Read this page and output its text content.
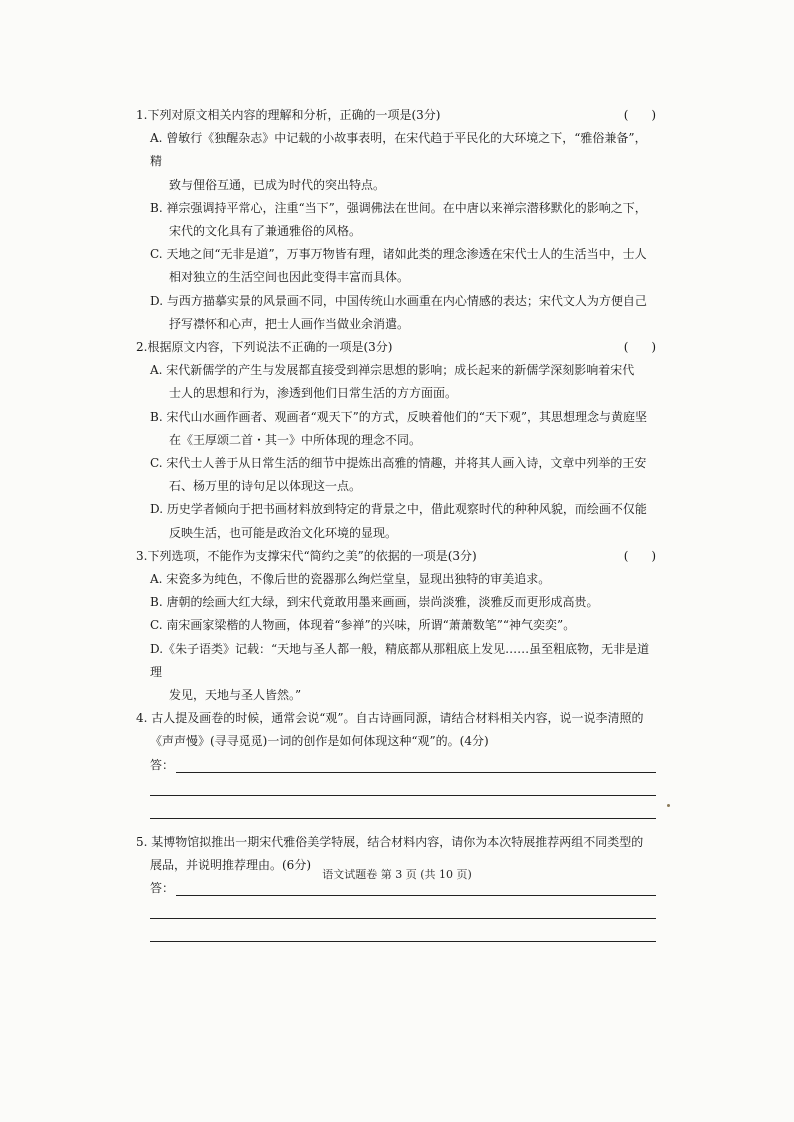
1.下列对原文相关内容的理解和分析，正确的一项是(3分)	(      )
A. 曾敏行《独醒杂志》中记载的小故事表明，在宋代趋于平民化的大环境之下，“雅俗兼备”，精
致与俚俗互通，已成为时代的突出特点。
B. 禅宗强调持平常心，注重“当下”，强调佛法在世间。在中唐以来禅宗潜移默化的影响之下，
宋代的文化具有了兼通雅俗的风格。
C. 天地之间“无非是道”，万事万物皆有理，诸如此类的理念渗透在宋代士人的生活当中，士人
相对独立的生活空间也因此变得丰富而具体。
D. 与西方描摹实景的风景画不同，中国传统山水画重在内心情感的表达；宋代文人为方便自己
抒写襟怀和心声，把士人画作当做业余消遣。
2.根据原文内容，下列说法不正确的一项是(3分)	(      )
A. 宋代新儒学的产生与发展都直接受到禅宗思想的影响；成长起来的新儒学深刻影响着宋代
士人的思想和行为，渗透到他们日常生活的方方面面。
B. 宋代山水画作画者、观画者“观天下”的方式，反映着他们的“天下观”，其思想理念与黄庭坚
在《王厚颂二首・其一》中所体现的理念不同。
C. 宋代士人善于从日常生活的细节中提炼出高雅的情趣，并将其人画入诗，文章中列举的王安
石、杨万里的诗句足以体现这一点。
D. 历史学者倾向于把书画材料放到特定的背景之中，借此观察时代的种种风貌，而绘画不仅能
反映生活，也可能是政治文化环境的显现。
3.下列选项，不能作为支撑宋代“简约之美”的依据的一项是(3分)	(      )
A. 宋瓷多为纯色，不像后世的瓷器那么绚烂堂皇，显现出独特的审美追求。
B. 唐朝的绘画大红大绿，到宋代竟敢用墨来画画，崇尚淡雅，淡雅反而更形成高贵。
C. 南宋画家梁楷的人物画，体现着“参禅”的兴味，所谓“萧萧数笔”“神气奕奕”。
D.《朱子语类》记载：“天地与圣人都一般，精底都从那粗底上发见……虽至粗底物，无非是道理
发见，天地与圣人皆然。”
4. 古人提及画卷的时候，通常会说“观”。自古诗画同源，请结合材料相关内容，说一说李清照的
《声声慢》(寻寻觅觅)一词的创作是如何体现这种“观”的。(4分)
答：
5. 某博物馆拟推出一期宋代雅俗美学特展，结合材料内容，请你为本次特展推荐两组不同类型的
展品，并说明推荐理由。(6分)
答：
语文试题卷 第 3 页 (共 10 页)
